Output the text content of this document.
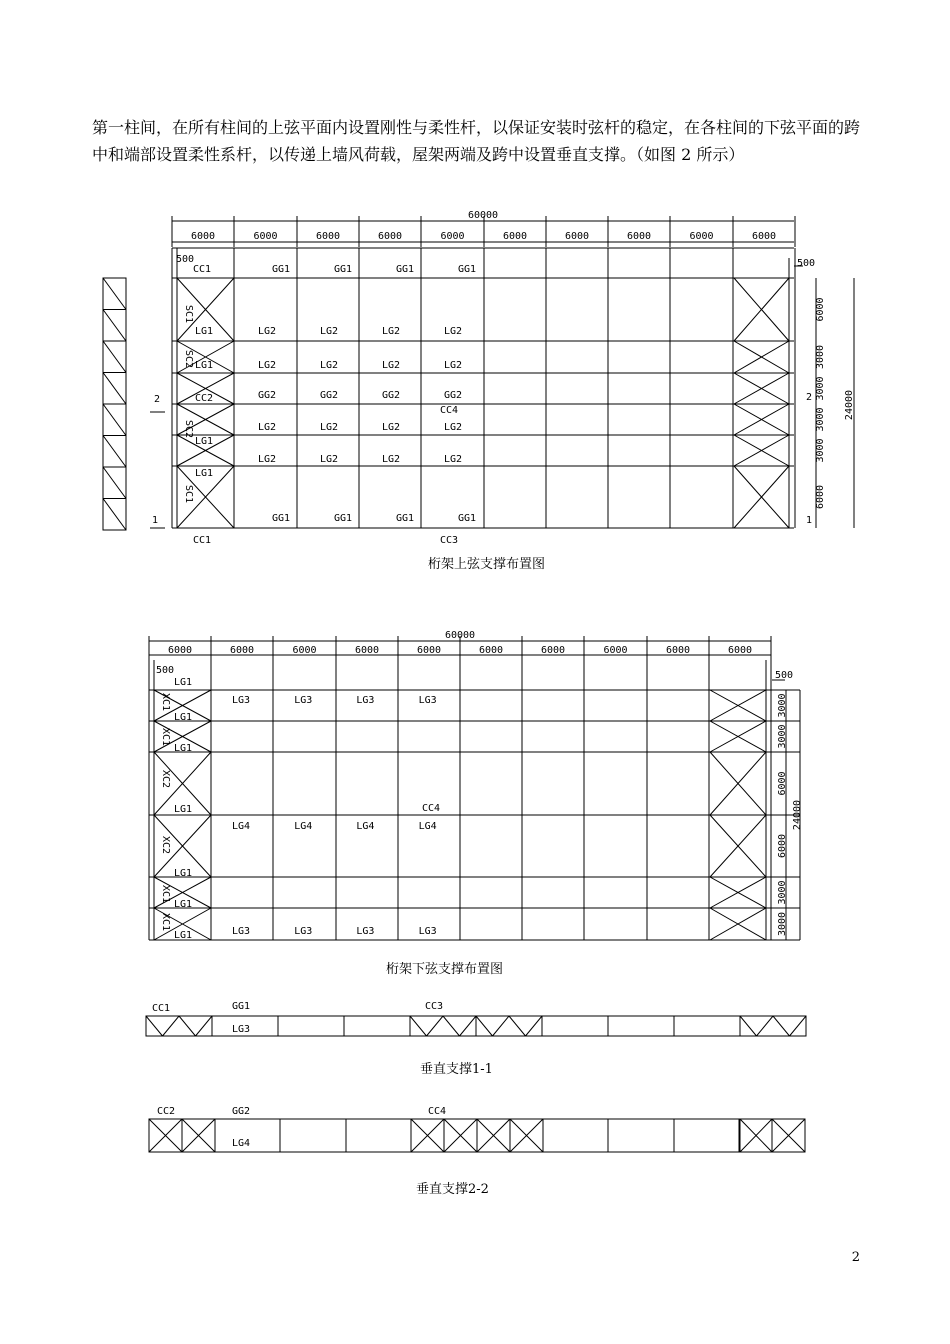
第一柱间，在所有柱间的上弦平面内设置刚性与柔性杆，以保证安装时弦杆的稳定，在各柱间的下弦平面的跨中和端部设置柔性系杆，以传递上墙风荷载，屋架两端及跨中设置垂直支撑。（如图 2 所示）

60000
6000	6000	6000	6000	6000	6000	6000	6000	6000	6000
500
24000
6000
3000
3000
3000
3000
6000
500
CC1	GG1	GG1	GG1	GG1
GG1	GG1	GG1	GG1
CC1	CC3
LG1
LG1
CC2
LG1
LG1
LG2	LG2	LG2	LG2
LG2	LG2	LG2	LG2
LG2	LG2	LG2	LG2
LG2	LG2	LG2	LG2
GG2	GG2	GG2	GG2
CC4
SC1
SC1
SC2
SC2
2
1
2
1
60000
6000	6000	6000	6000	6000	6000	6000	6000	6000	6000
500	500
24000
3000
3000
6000
6000
3000
3000
LG1
LG1
LG1
LG1
LG1
LG1
LG1
LG3	LG3	LG3	LG3
LG4	LG4	LG4	LG4
LG3	LG3	LG3	LG3
CC4
XC1
XC1
XC2
XC2
XC1
XC1
CC1	GG1	CC3
LG3
CC2	GG2	CC4
LG4
桁架上弦支撑布置图
桁架下弦支撑布置图
垂直支撑1-1
垂直支撑2-2
2
